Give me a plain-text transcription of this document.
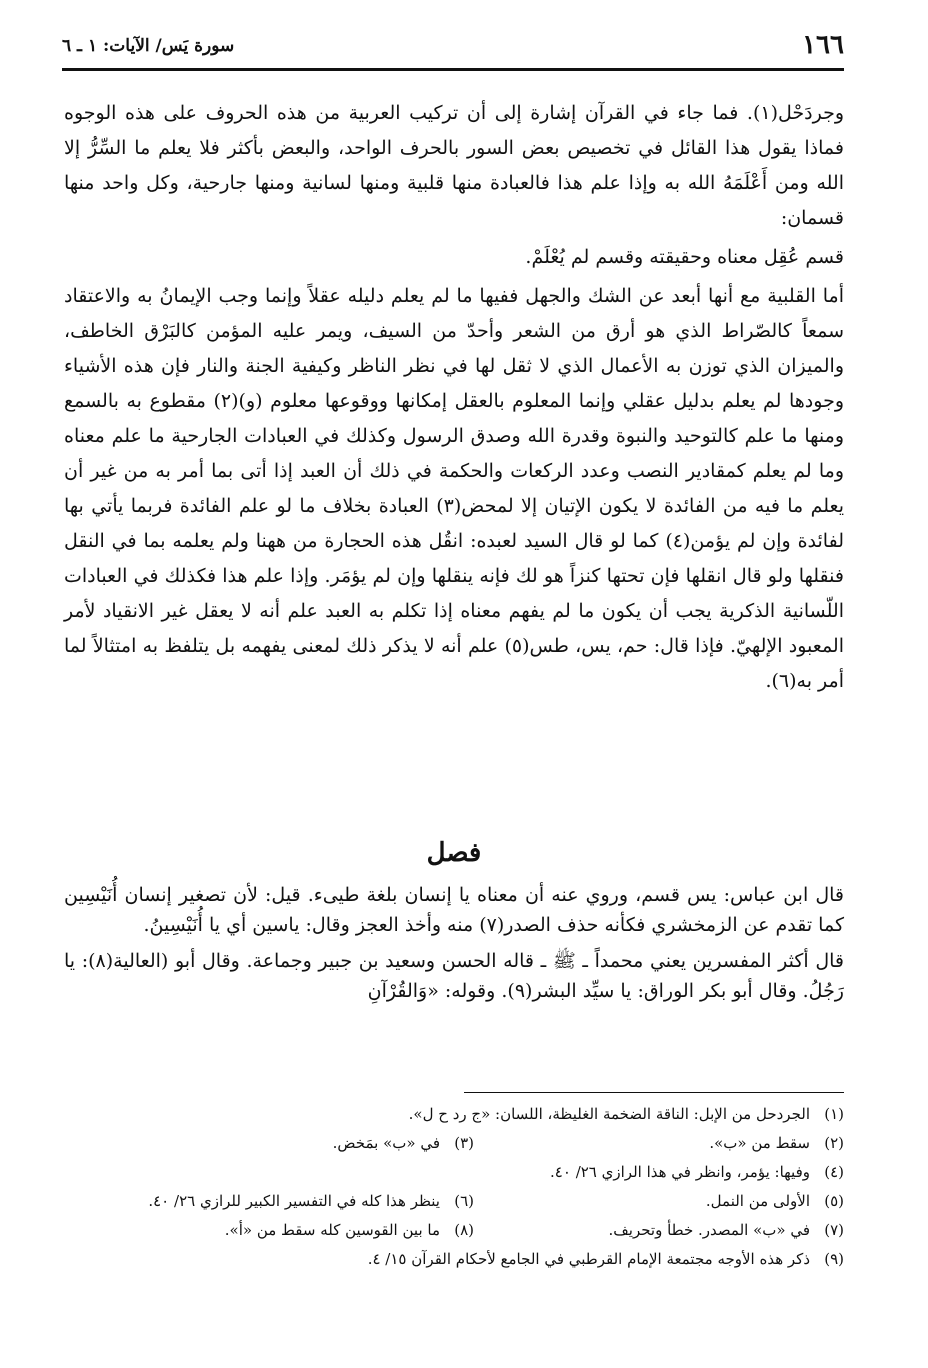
١٦٦
سورة يَس/ الآيات: ١ ـ ٦

وجردَحْل(١). فما جاء في القرآن إشارة إلى أن تركيب العربية من هذه الحروف على هذه الوجوه فماذا يقول هذا القائل في تخصيص بعض السور بالحرف الواحد، والبعض بأكثر فلا يعلم ما السِّرُّ إلا الله ومن أَعْلَمَهُ الله به وإذا علم هذا فالعبادة منها قلبية ومنها لسانية ومنها جارحية، وكل واحد منها قسمان:

قسم عُقِل معناه وحقيقته وقسم لم يُعْلَمْ.

أما القلبية مع أنها أبعد عن الشك والجهل ففيها ما لم يعلم دليله عقلاً وإنما وجب الإيمانُ به والاعتقاد سمعاً كالصّراط الذي هو أرق من الشعر وأحدّ من السيف، ويمر عليه المؤمن كالبَرْق الخاطف، والميزان الذي توزن به الأعمال الذي لا ثقل لها في نظر الناظر وكيفية الجنة والنار فإن هذه الأشياء وجودها لم يعلم بدليل عقلي وإنما المعلوم بالعقل إمكانها ووقوعها معلوم (و)(٢) مقطوع به بالسمع ومنها ما علم كالتوحيد والنبوة وقدرة الله وصدق الرسول وكذلك في العبادات الجارحية ما علم معناه وما لم يعلم كمقادير النصب وعدد الركعات والحكمة في ذلك أن العبد إذا أتى بما أمر به من غير أن يعلم ما فيه من الفائدة لا يكون الإتيان إلا لمحض(٣) العبادة بخلاف ما لو علم الفائدة فربما يأتي بها لفائدة وإن لم يؤمن(٤) كما لو قال السيد لعبده: انقُل هذه الحجارة من ههنا ولم يعلمه بما في النقل فنقلها ولو قال انقلها فإن تحتها كنزاً هو لك فإنه ينقلها وإن لم يؤمَر. وإذا علم هذا فكذلك في العبادات اللّسانية الذكرية يجب أن يكون ما لم يفهم معناه إذا تكلم به العبد علم أنه لا يعقل غير الانقياد لأمر المعبود الإلهيّ. فإذا قال: حم، يس، طس(٥) علم أنه لا يذكر ذلك لمعنى يفهمه بل يتلفظ به امتثالاً لما أمر به(٦).

فصل

قال ابن عباس: يس قسم، وروي عنه أن معناه يا إنسان بلغة طيىء. قيل: لأن تصغير إنسان أُنَيْسِين كما تقدم عن الزمخشري فكأنه حذف الصدر(٧) منه وأخذ العجز وقال: ياسين أي يا أُنَيْسِينُ.

قال أكثر المفسرين يعني محمداً ـ ﷺ ـ قاله الحسن وسعيد بن جبير وجماعة. وقال أبو (العالية(٨): يا رَجُلُ. وقال أبو بكر الوراق: يا سيِّد البشر(٩). وقوله: «وَالقُرْآنِ

(١)الجردحل من الإبل: الناقة الضخمة الغليظة، اللسان: «ج رد ح ل».
(٢)سقط من «ب».
(٣)في «ب» بمَخض.
(٤)وفيها: يؤمر، وانظر في هذا الرازي ٢٦/ ٤٠.
(٥)الأولى من النمل.
(٦)ينظر هذا كله في التفسير الكبير للرازي ٢٦/ ٤٠.
(٧)في «ب» المصدر. خطأ وتحريف.
(٨)ما بين القوسين كله سقط من «أ».
(٩)ذكر هذه الأوجه مجتمعة الإمام القرطبي في الجامع لأحكام القرآن ١٥/ ٤.
